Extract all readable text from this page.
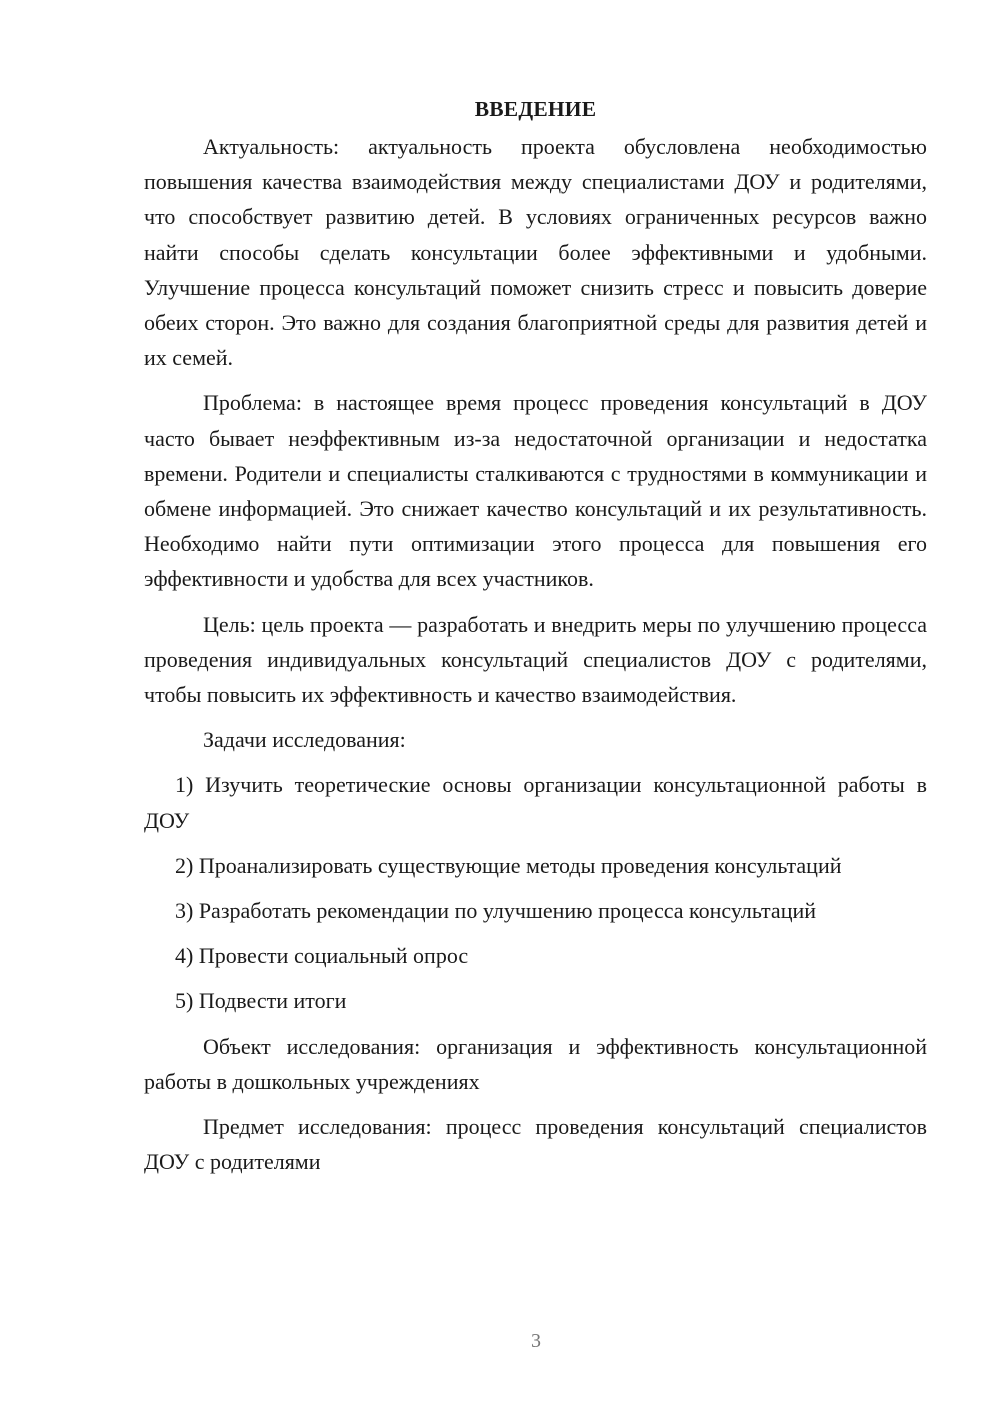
ВВЕДЕНИЕ

Актуальность: актуальность проекта обусловлена необходимостью повышения качества взаимодействия между специалистами ДОУ и родителями, что способствует развитию детей. В условиях ограниченных ресурсов важно найти способы сделать консультации более эффективными и удобными. Улучшение процесса консультаций поможет снизить стресс и повысить доверие обеих сторон. Это важно для создания благоприятной среды для развития детей и их семей.

Проблема: в настоящее время процесс проведения консультаций в ДОУ часто бывает неэффективным из-за недостаточной организации и недостатка времени. Родители и специалисты сталкиваются с трудностями в коммуникации и обмене информацией. Это снижает качество консультаций и их результативность. Необходимо найти пути оптимизации этого процесса для повышения его эффективности и удобства для всех участников.

Цель: цель проекта — разработать и внедрить меры по улучшению процесса проведения индивидуальных консультаций специалистов ДОУ с родителями, чтобы повысить их эффективность и качество взаимодействия.

Задачи исследования:

1) Изучить теоретические основы организации консультационной работы в ДОУ

2) Проанализировать существующие методы проведения консультаций

3) Разработать рекомендации по улучшению процесса консультаций

4) Провести социальный опрос

5) Подвести итоги

Объект исследования: организация и эффективность консультационной работы в дошкольных учреждениях

Предмет исследования: процесс проведения консультаций специалистов ДОУ с родителями

3
